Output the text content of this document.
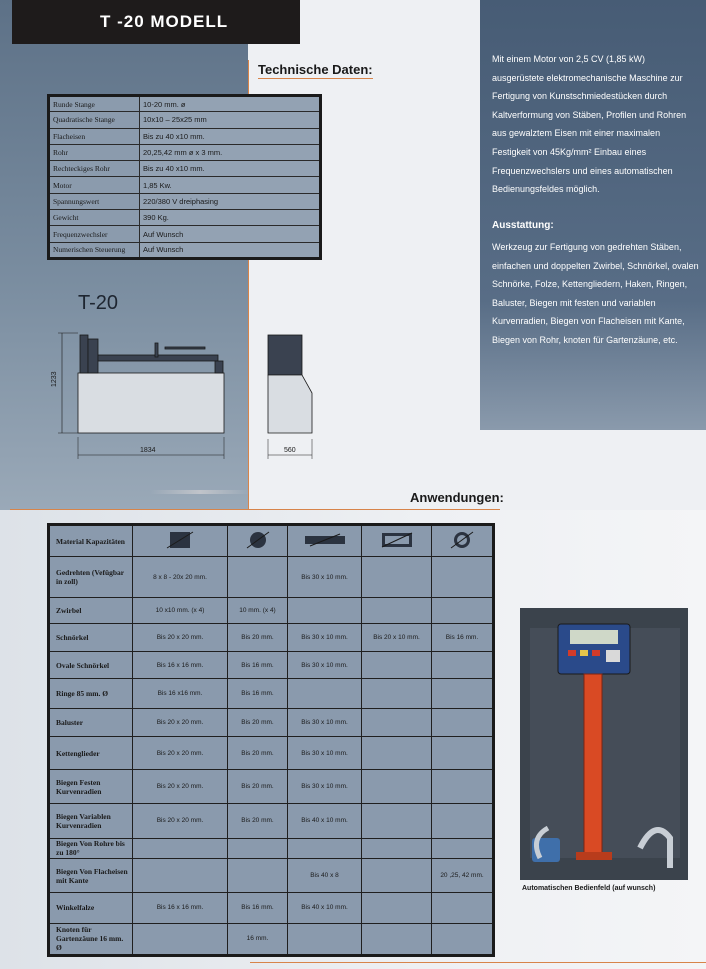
T -20 MODELL
Technische Daten:
Runde Stange	10-20 mm. ø
Quadratische Stange	10x10 – 25x25 mm
Flacheisen	Bis zu 40 x10 mm.
Rohr	20,25,42 mm ø x 3 mm.
Rechteckiges Rohr	Bis zu 40 x10 mm.
Motor	1,85 Kw.
Spannungswert	220/380 V dreiphasing
Gewicht	390 Kg.
Frequenzwechsler	Auf Wunsch
Numerischen Steuerung	Auf Wunsch
Mit einem Motor von 2,5 CV (1,85 kW) ausgerüstete elektromechanische Maschine zur Fertigung von Kunstschmiedestücken durch Kaltverformung von Stäben, Profilen und Rohren aus gewalztem Eisen mit einer maximalen Festigkeit von 45Kg/mm² Einbau eines Frequenzwechslers und eines automatischen Bedienungsfeldes möglich.
Ausstattung:
Werkzeug zur Fertigung von gedrehten Stäben, einfachen und doppelten Zwirbel, Schnörkel, ovalen Schnörke, Folze, Kettengliedern, Haken, Ringen, Baluster, Biegen mit festen und variablen Kurvenradien, Biegen von Flacheisen mit Kante, Biegen von Rohr, knoten für Gartenzäune, etc.
T-20
1233
1834	560
Anwendungen:
Material Kapazitäten					
Gedrehten (Vefügbar in zoll)	8 x 8 - 20x 20 mm.		Bis 30 x 10 mm.		
Zwirbel	10 x10 mm. (x 4)	10 mm. (x 4)			
Schnörkel	Bis 20 x 20 mm.	Bis 20 mm.	Bis 30 x 10 mm.	Bis 20 x 10 mm.	Bis 16 mm.
Ovale Schnörkel	Bis 16 x 16 mm.	Bis 16 mm.	Bis 30 x 10 mm.		
Ringe 85 mm. Ø	Bis 16 x16 mm.	Bis 16 mm.			
Baluster	Bis 20 x 20 mm.	Bis 20 mm.	Bis 30 x 10 mm.		
Kettenglieder	Bis 20 x 20 mm.	Bis 20 mm.	Bis 30 x 10 mm.		
Biegen Festen Kurvenradien	Bis 20 x 20 mm.	Bis 20 mm.	Bis 30 x 10 mm.		
Biegen Variablen Kurvenradien	Bis 20 x 20 mm.	Bis 20 mm.	Bis 40 x 10 mm.		
Biegen Von Rohre bis zu 180°					
Biegen Von Flacheisen mit Kante			Bis 40 x 8		20 ,25, 42 mm.
Winkelfalze	Bis 16 x 16 mm.	Bis 16 mm.	Bis 40 x 10 mm.		
Knoten für Gartenzäune 16 mm. Ø		16 mm.			
Automatischen Bedienfeld (auf wunsch)
